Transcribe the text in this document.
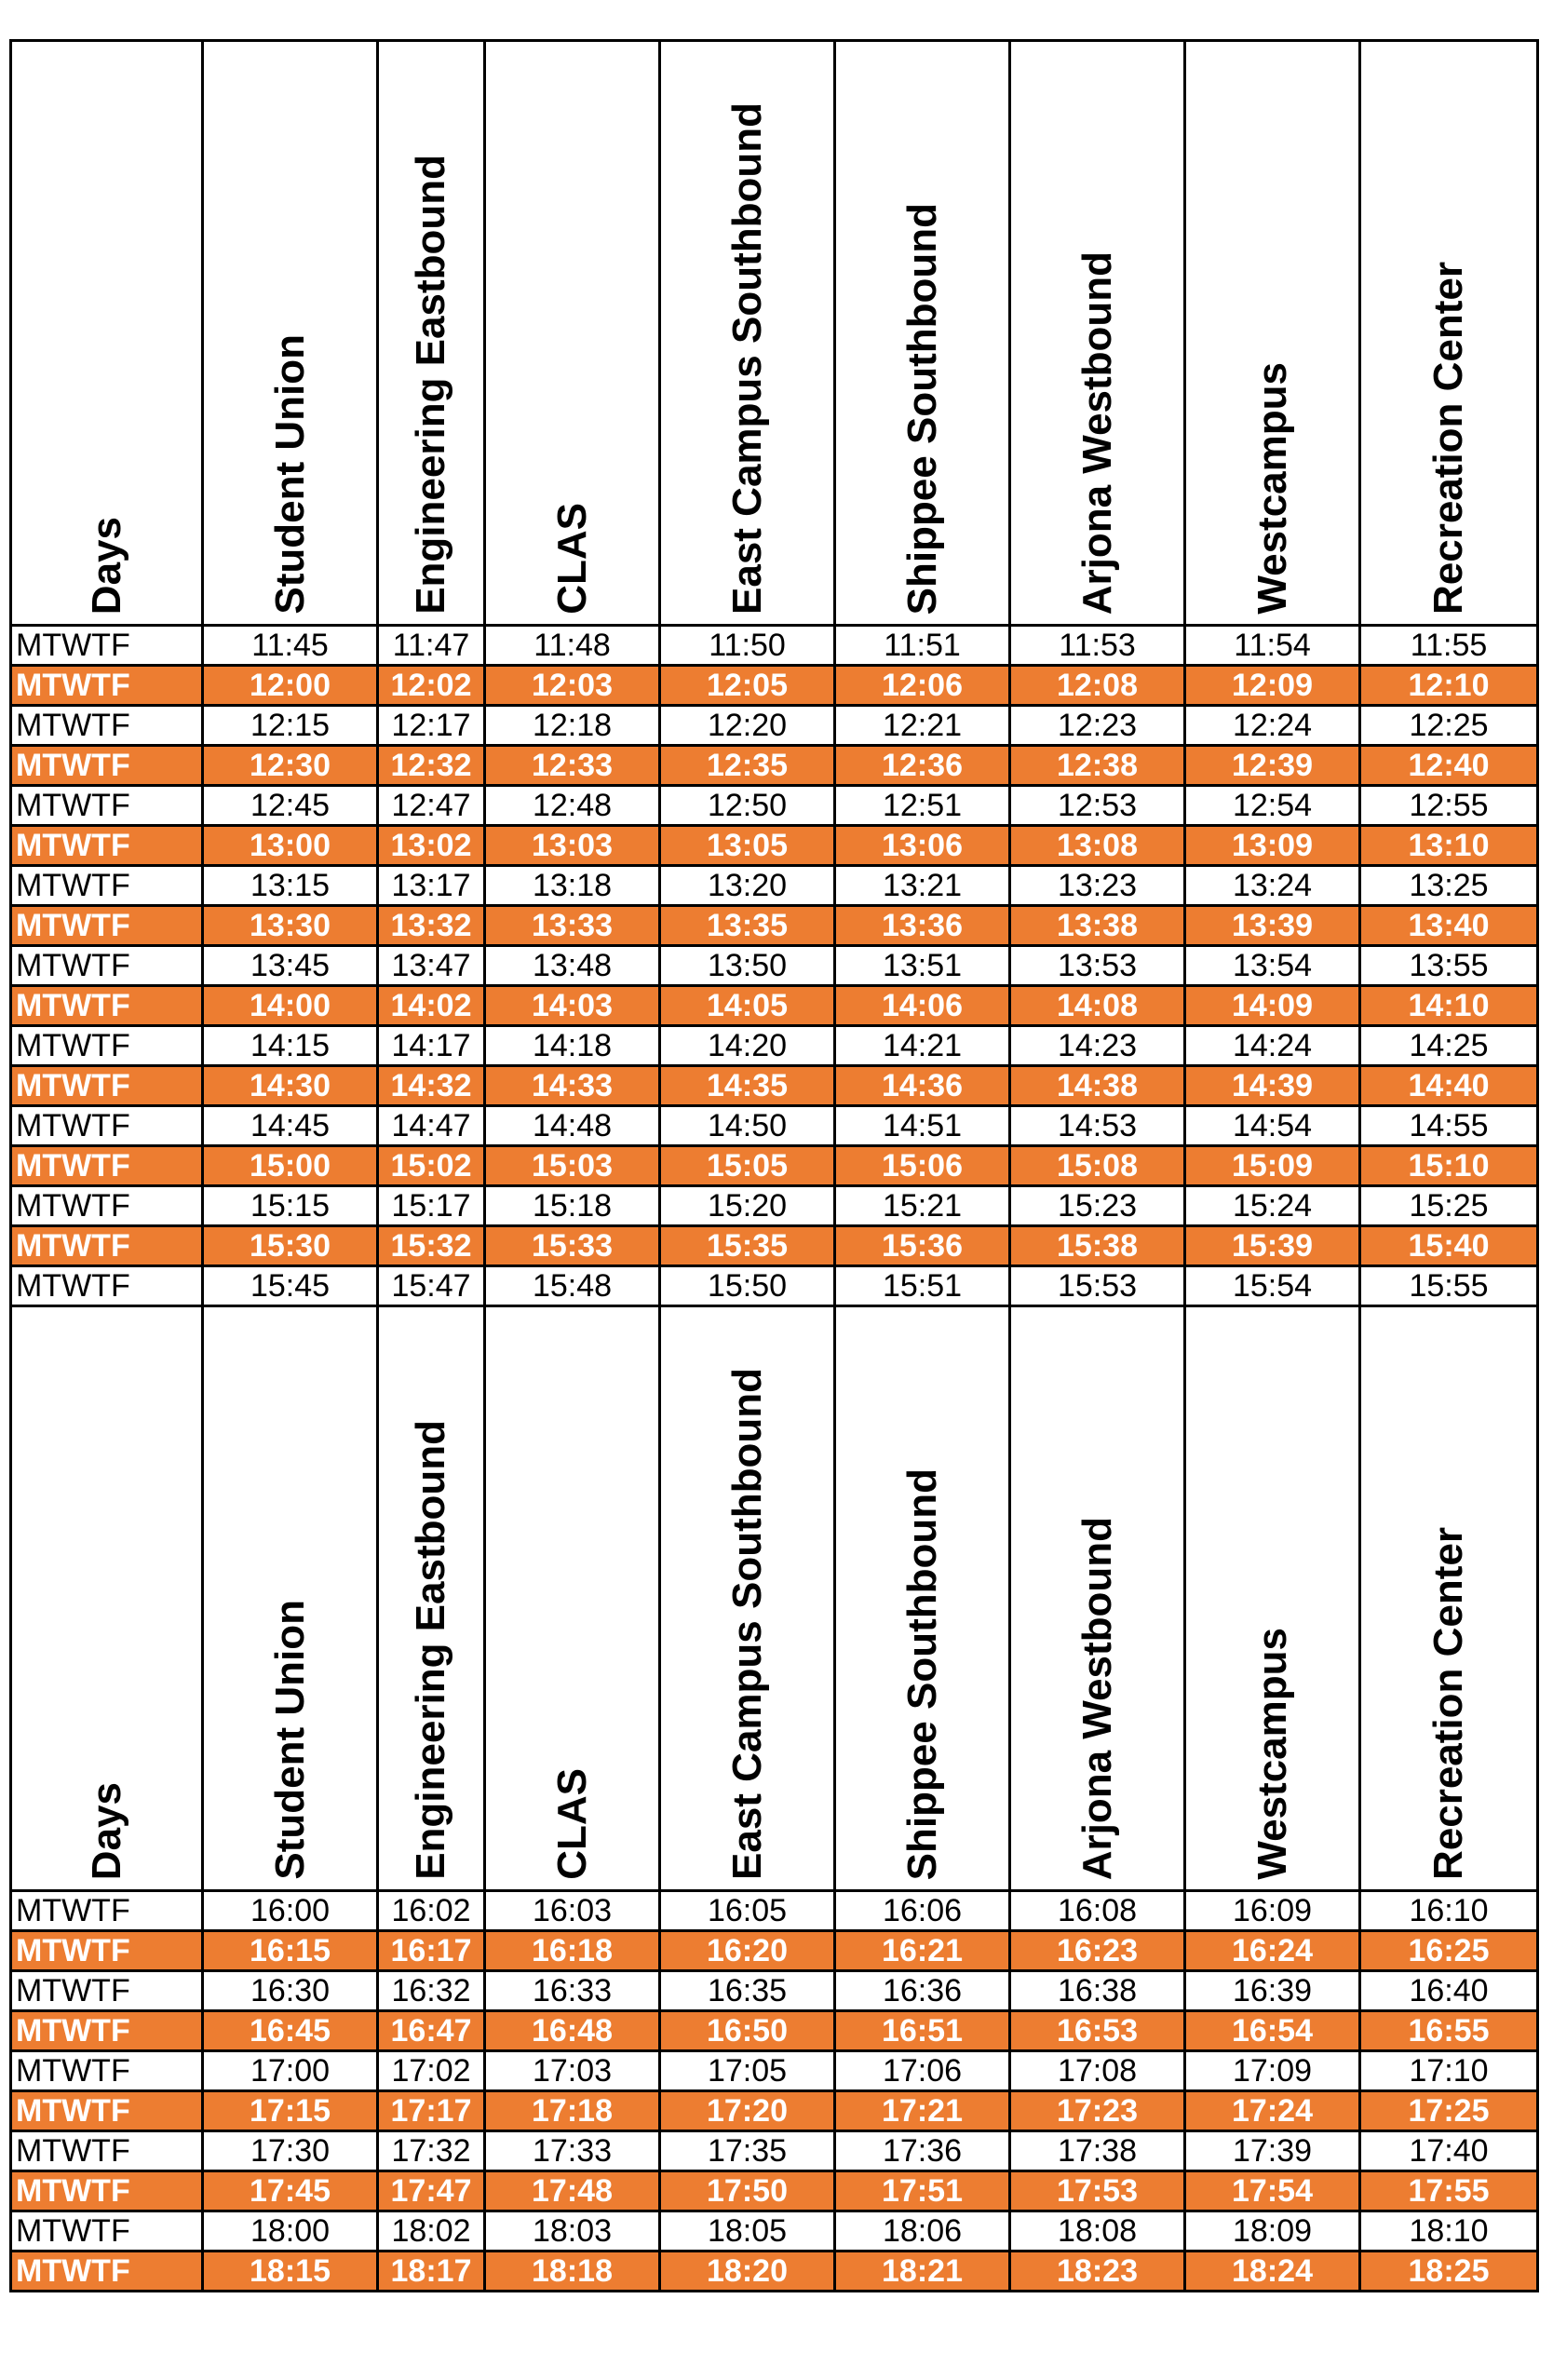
Days	Student Union	Engineering Eastbound	CLAS	East Campus Southbound	Shippee Southbound	Arjona Westbound	Westcampus	Recreation Center

MTWTF	11:45	11:47	11:48	11:50	11:51	11:53	11:54	11:55
MTWTF	12:00	12:02	12:03	12:05	12:06	12:08	12:09	12:10
MTWTF	12:15	12:17	12:18	12:20	12:21	12:23	12:24	12:25
MTWTF	12:30	12:32	12:33	12:35	12:36	12:38	12:39	12:40
MTWTF	12:45	12:47	12:48	12:50	12:51	12:53	12:54	12:55
MTWTF	13:00	13:02	13:03	13:05	13:06	13:08	13:09	13:10
MTWTF	13:15	13:17	13:18	13:20	13:21	13:23	13:24	13:25
MTWTF	13:30	13:32	13:33	13:35	13:36	13:38	13:39	13:40
MTWTF	13:45	13:47	13:48	13:50	13:51	13:53	13:54	13:55
MTWTF	14:00	14:02	14:03	14:05	14:06	14:08	14:09	14:10
MTWTF	14:15	14:17	14:18	14:20	14:21	14:23	14:24	14:25
MTWTF	14:30	14:32	14:33	14:35	14:36	14:38	14:39	14:40
MTWTF	14:45	14:47	14:48	14:50	14:51	14:53	14:54	14:55
MTWTF	15:00	15:02	15:03	15:05	15:06	15:08	15:09	15:10
MTWTF	15:15	15:17	15:18	15:20	15:21	15:23	15:24	15:25
MTWTF	15:30	15:32	15:33	15:35	15:36	15:38	15:39	15:40
MTWTF	15:45	15:47	15:48	15:50	15:51	15:53	15:54	15:55

Days	Student Union	Engineering Eastbound	CLAS	East Campus Southbound	Shippee Southbound	Arjona Westbound	Westcampus	Recreation Center

MTWTF	16:00	16:02	16:03	16:05	16:06	16:08	16:09	16:10
MTWTF	16:15	16:17	16:18	16:20	16:21	16:23	16:24	16:25
MTWTF	16:30	16:32	16:33	16:35	16:36	16:38	16:39	16:40
MTWTF	16:45	16:47	16:48	16:50	16:51	16:53	16:54	16:55
MTWTF	17:00	17:02	17:03	17:05	17:06	17:08	17:09	17:10
MTWTF	17:15	17:17	17:18	17:20	17:21	17:23	17:24	17:25
MTWTF	17:30	17:32	17:33	17:35	17:36	17:38	17:39	17:40
MTWTF	17:45	17:47	17:48	17:50	17:51	17:53	17:54	17:55
MTWTF	18:00	18:02	18:03	18:05	18:06	18:08	18:09	18:10
MTWTF	18:15	18:17	18:18	18:20	18:21	18:23	18:24	18:25
